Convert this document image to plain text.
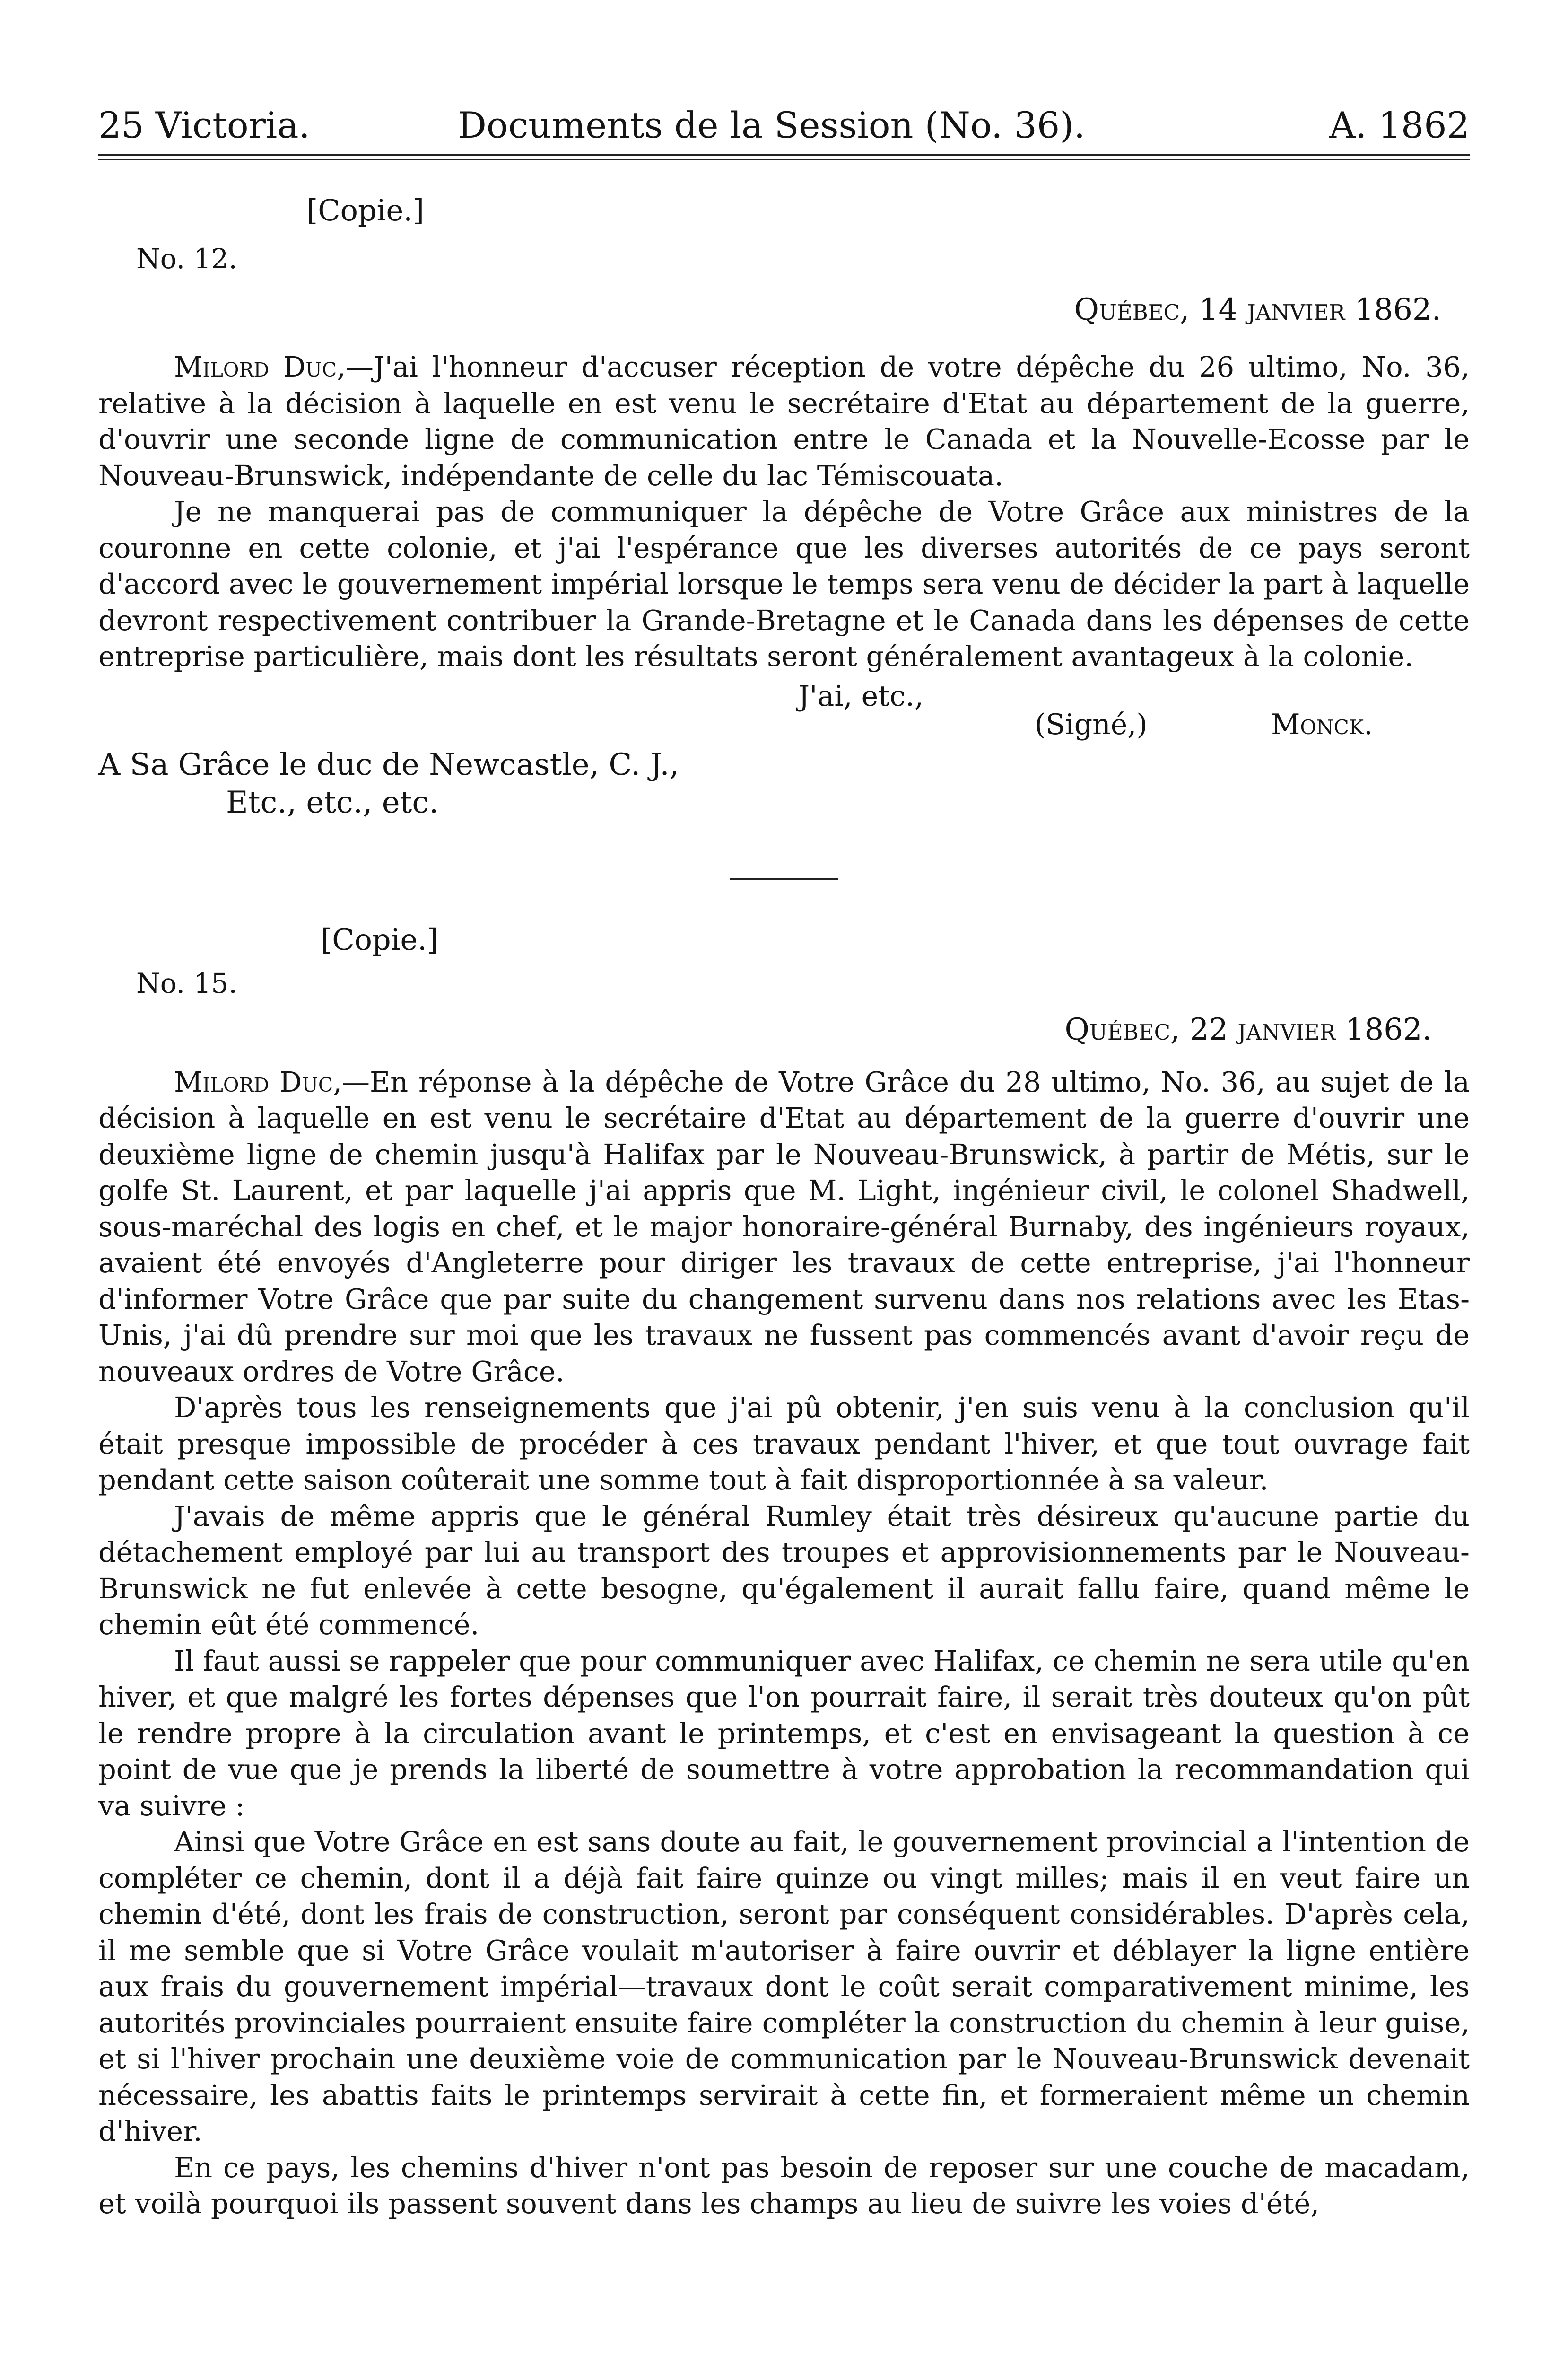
25 Victoria.	Documents de la Session (No. 36).	A. 1862
[Copie.]
No. 12.
Québec, 14 janvier 1862.

Milord Duc,—J'ai l'honneur d'accuser réception de votre dépêche du 26 ultimo, No. 36, relative à la décision à laquelle en est venu le secrétaire d'Etat au département de la guerre, d'ouvrir une seconde ligne de communication entre le Canada et la Nouvelle-Ecosse par le Nouveau-Brunswick, indépendante de celle du lac Témiscouata.

Je ne manquerai pas de communiquer la dépêche de Votre Grâce aux ministres de la couronne en cette colonie, et j'ai l'espérance que les diverses autorités de ce pays seront d'accord avec le gouvernement impérial lorsque le temps sera venu de décider la part à laquelle devront respectivement contribuer la Grande-Bretagne et le Canada dans les dépenses de cette entreprise particulière, mais dont les résultats seront généralement avantageux à la colonie.

J'ai, etc.,
(Signé,)	Monck.
A Sa Grâce le duc de Newcastle, C. J.,
Etc., etc., etc.
[Copie.]
No. 15.
Québec, 22 janvier 1862.

Milord Duc,—En réponse à la dépêche de Votre Grâce du 28 ultimo, No. 36, au sujet de la décision à laquelle en est venu le secrétaire d'Etat au département de la guerre d'ouvrir une deuxième ligne de chemin jusqu'à Halifax par le Nouveau-Brunswick, à partir de Métis, sur le golfe St. Laurent, et par laquelle j'ai appris que M. Light, ingénieur civil, le colonel Shadwell, sous-maréchal des logis en chef, et le major honoraire-général Burnaby, des ingénieurs royaux, avaient été envoyés d'Angleterre pour diriger les travaux de cette entreprise, j'ai l'honneur d'informer Votre Grâce que par suite du changement survenu dans nos relations avec les Etas-Unis, j'ai dû prendre sur moi que les travaux ne fussent pas commencés avant d'avoir reçu de nouveaux ordres de Votre Grâce.

D'après tous les renseignements que j'ai pû obtenir, j'en suis venu à la conclusion qu'il était presque impossible de procéder à ces travaux pendant l'hiver, et que tout ouvrage fait pendant cette saison coûterait une somme tout à fait disproportionnée à sa valeur.

J'avais de même appris que le général Rumley était très désireux qu'aucune partie du détachement employé par lui au transport des troupes et approvisionnements par le Nouveau-Brunswick ne fut enlevée à cette besogne, qu'également il aurait fallu faire, quand même le chemin eût été commencé.

Il faut aussi se rappeler que pour communiquer avec Halifax, ce chemin ne sera utile qu'en hiver, et que malgré les fortes dépenses que l'on pourrait faire, il serait très douteux qu'on pût le rendre propre à la circulation avant le printemps, et c'est en envisageant la question à ce point de vue que je prends la liberté de soumettre à votre approbation la recommandation qui va suivre :

Ainsi que Votre Grâce en est sans doute au fait, le gouvernement provincial a l'intention de compléter ce chemin, dont il a déjà fait faire quinze ou vingt milles; mais il en veut faire un chemin d'été, dont les frais de construction, seront par conséquent considérables. D'après cela, il me semble que si Votre Grâce voulait m'autoriser à faire ouvrir et déblayer la ligne entière aux frais du gouvernement impérial—travaux dont le coût serait comparativement minime, les autorités provinciales pourraient ensuite faire compléter la construction du chemin à leur guise, et si l'hiver prochain une deuxième voie de communication par le Nouveau-Brunswick devenait nécessaire, les abattis faits le printemps servirait à cette fin, et formeraient même un chemin d'hiver.

En ce pays, les chemins d'hiver n'ont pas besoin de reposer sur une couche de macadam, et voilà pourquoi ils passent souvent dans les champs au lieu de suivre les voies d'été,
